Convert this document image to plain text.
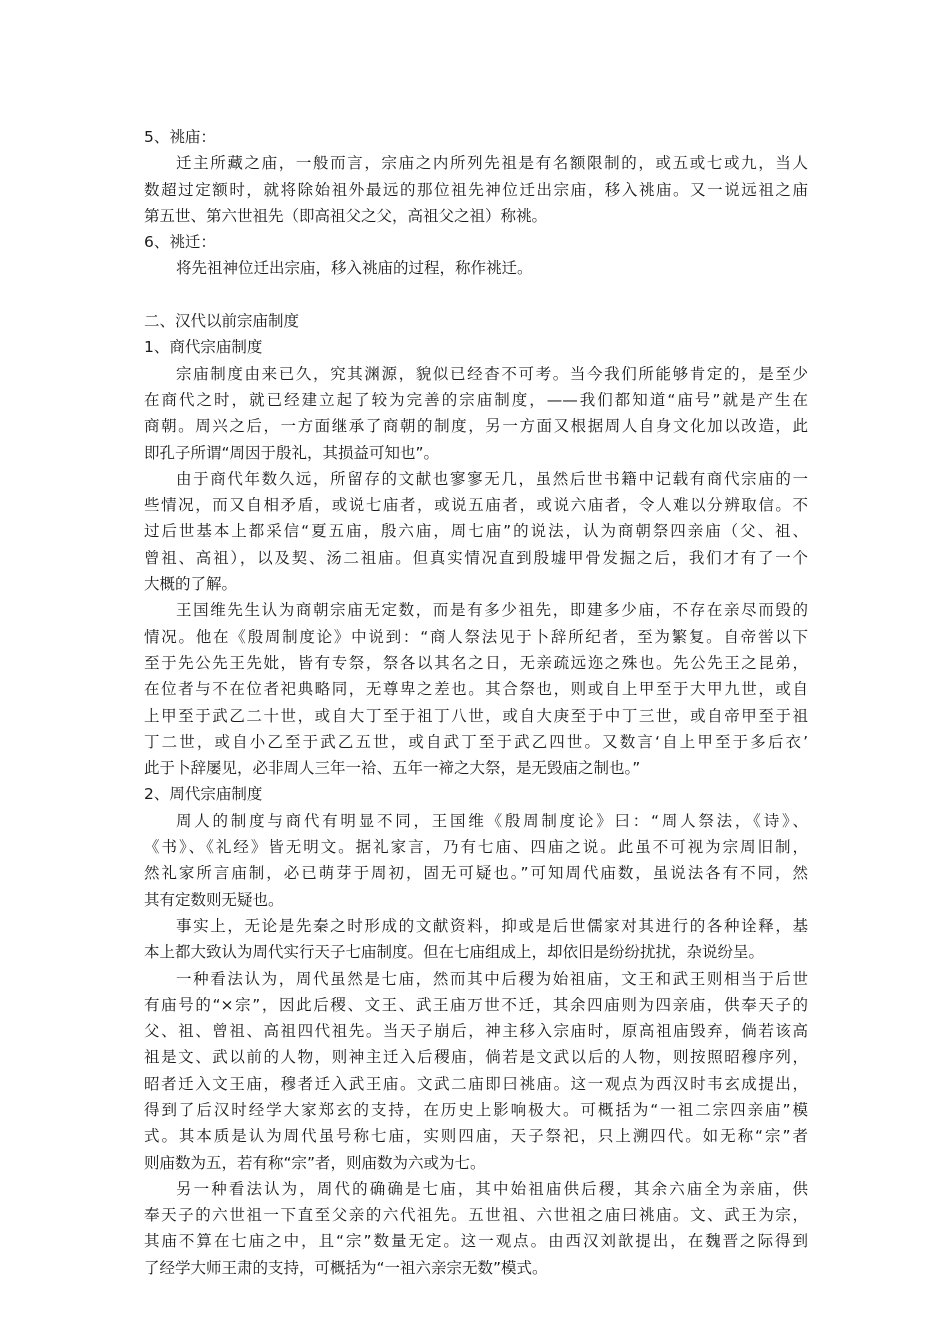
5、祧庙：

迁主所藏之庙，一般而言，宗庙之内所列先祖是有名额限制的，或五或七或九，当人

数超过定额时，就将除始祖外最远的那位祖先神位迁出宗庙，移入祧庙。又一说远祖之庙

第五世、第六世祖先（即高祖父之父，高祖父之祖）称祧。

6、祧迁：

将先祖神位迁出宗庙，移入祧庙的过程，称作祧迁。

二、汉代以前宗庙制度

1、商代宗庙制度

宗庙制度由来已久，究其渊源，貌似已经杳不可考。当今我们所能够肯定的，是至少

在商代之时，就已经建立起了较为完善的宗庙制度，——我们都知道“庙号”就是产生在

商朝。周兴之后，一方面继承了商朝的制度，另一方面又根据周人自身文化加以改造，此

即孔子所谓“周因于殷礼，其损益可知也”。

由于商代年数久远，所留存的文献也寥寥无几，虽然后世书籍中记载有商代宗庙的一

些情况，而又自相矛盾，或说七庙者，或说五庙者，或说六庙者，令人难以分辨取信。不

过后世基本上都采信“夏五庙，殷六庙，周七庙”的说法，认为商朝祭四亲庙（父、祖、

曾祖、高祖），以及契、汤二祖庙。但真实情况直到殷墟甲骨发掘之后，我们才有了一个

大概的了解。

王国维先生认为商朝宗庙无定数，而是有多少祖先，即建多少庙，不存在亲尽而毁的

情况。他在《殷周制度论》中说到：“商人祭法见于卜辞所纪者，至为繁复。自帝喾以下

至于先公先王先妣，皆有专祭，祭各以其名之日，无亲疏远迩之殊也。先公先王之昆弟，

在位者与不在位者祀典略同，无尊卑之差也。其合祭也，则或自上甲至于大甲九世，或自

上甲至于武乙二十世，或自大丁至于祖丁八世，或自大庚至于中丁三世，或自帝甲至于祖

丁二世，或自小乙至于武乙五世，或自武丁至于武乙四世。又数言‘自上甲至于多后衣’

此于卜辞屡见，必非周人三年一祫、五年一禘之大祭，是无毁庙之制也。”

2、周代宗庙制度

周人的制度与商代有明显不同，王国维《殷周制度论》曰：“周人祭法，《诗》、

《书》、《礼经》皆无明文。据礼家言，乃有七庙、四庙之说。此虽不可视为宗周旧制，

然礼家所言庙制，必已萌芽于周初，固无可疑也。”可知周代庙数，虽说法各有不同，然

其有定数则无疑也。

事实上，无论是先秦之时形成的文献资料，抑或是后世儒家对其进行的各种诠释，基

本上都大致认为周代实行天子七庙制度。但在七庙组成上，却依旧是纷纷扰扰，杂说纷呈。

一种看法认为，周代虽然是七庙，然而其中后稷为始祖庙，文王和武王则相当于后世

有庙号的“×宗”，因此后稷、文王、武王庙万世不迁，其余四庙则为四亲庙，供奉天子的

父、祖、曾祖、高祖四代祖先。当天子崩后，神主移入宗庙时，原高祖庙毁弃，倘若该高

祖是文、武以前的人物，则神主迁入后稷庙，倘若是文武以后的人物，则按照昭穆序列，

昭者迁入文王庙，穆者迁入武王庙。文武二庙即曰祧庙。这一观点为西汉时韦玄成提出，

得到了后汉时经学大家郑玄的支持，在历史上影响极大。可概括为“一祖二宗四亲庙”模

式。其本质是认为周代虽号称七庙，实则四庙，天子祭祀，只上溯四代。如无称“宗”者

则庙数为五，若有称“宗”者，则庙数为六或为七。

另一种看法认为，周代的确确是七庙，其中始祖庙供后稷，其余六庙全为亲庙，供

奉天子的六世祖一下直至父亲的六代祖先。五世祖、六世祖之庙曰祧庙。文、武王为宗，

其庙不算在七庙之中，且“宗”数量无定。这一观点。由西汉刘歆提出，在魏晋之际得到

了经学大师王肃的支持，可概括为“一祖六亲宗无数”模式。
